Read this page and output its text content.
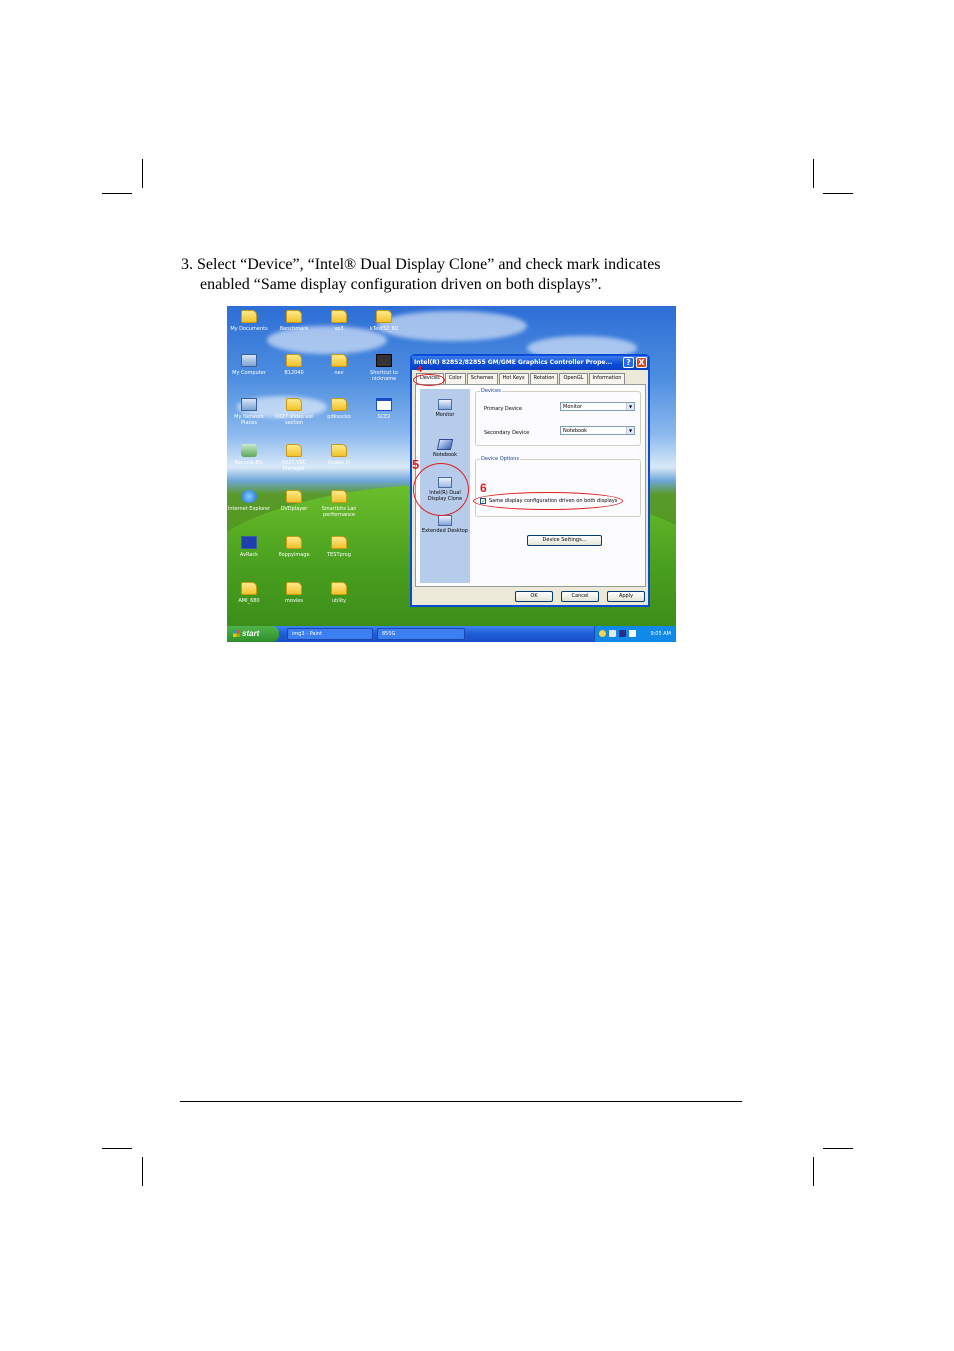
3. Select “Device”, “Intel® Dual Display Clone” and check mark indicates
enabled “Same display configuration driven on both displays”.
My Documents	Benchmark	vp3	kTest32_60
My Computer	B12040	nev	Shortcut to nickname
My Network Places
0027 slides vol section
pdksocko	SCE2
Recycle Bin	0027 VBC Manager
Quake III
Internet Explorer	DVDplayer	Smartbits Lan performance
AvRack	floppyimage	TESTprog
AMI_680	movies	utility
Intel(R) 82852/82855 GM/GME Graphics Controller Prope...	? X
Devices	Color	Schemes	Hot Keys	Rotation	OpenGL	Information
Monitor
Notebook
Intel(R) Dual Display Clone
Extended Desktop
Devices
Primary Device	Monitor	▼
Secondary Device	Notebook	▼
Device Options
✓ Same display configuration driven on both displays
Device Settings...
OK	Cancel	Apply
4
5
6
start	img3 - Paint	855G	9:05 AM
